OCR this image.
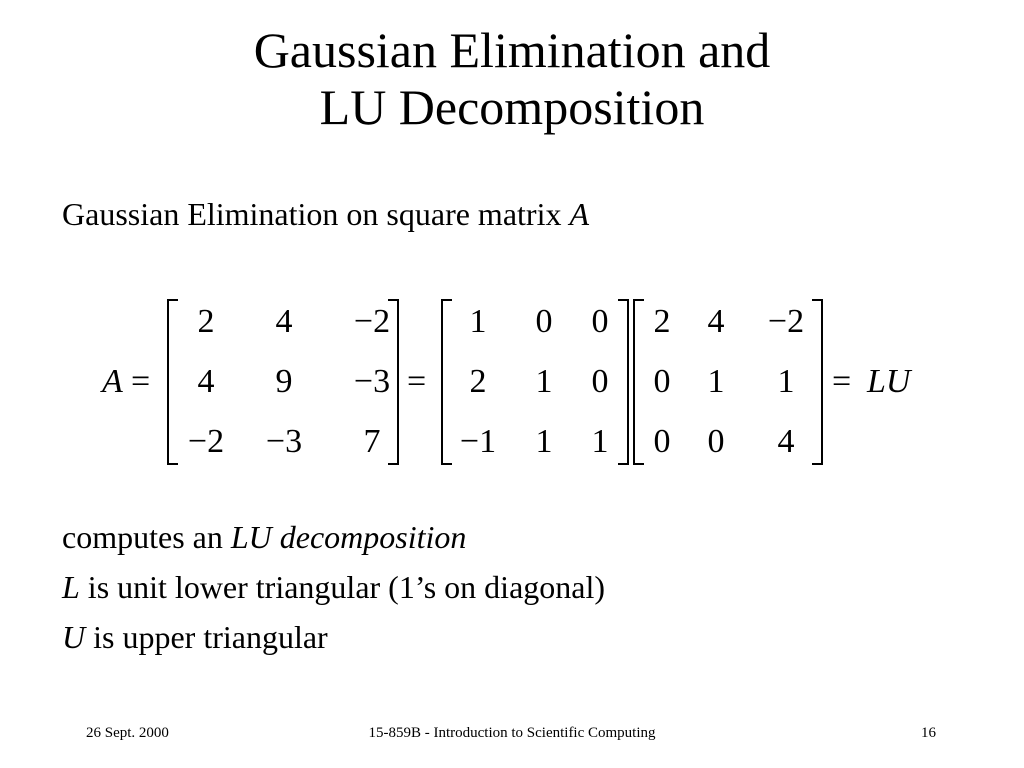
Gaussian Elimination and
LU Decomposition
Gaussian Elimination on square matrix A
A =
2	4	−2
4	9	−3
−2	−3	7
=
1	0	0
2	1	0
−1	1	1
2	4	−2
0	1	1
0	0	4
= LU
computes an LU decomposition
L is unit lower triangular (1’s on diagonal)
U is upper triangular
26 Sept. 2000	15-859B - Introduction to Scientific Computing	16
